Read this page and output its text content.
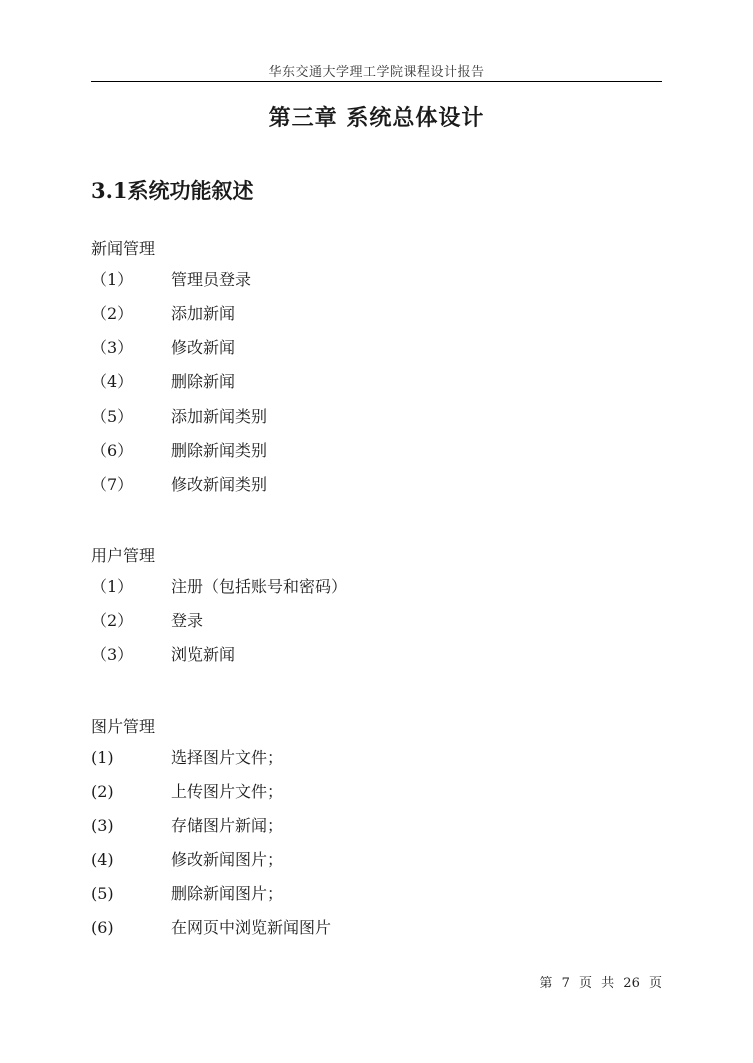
华东交通大学理工学院课程设计报告
第三章 系统总体设计
3.1系统功能叙述
新闻管理
（1） 管理员登录
（2） 添加新闻
（3） 修改新闻
（4） 删除新闻
（5） 添加新闻类别
（6） 删除新闻类别
（7） 修改新闻类别
用户管理
（1） 注册（包括账号和密码）
（2） 登录
（3） 浏览新闻
图片管理
(1)	选择图片文件；
(2)	上传图片文件；
(3)	存储图片新闻；
(4)	修改新闻图片；
(5)	删除新闻图片；
(6)	在网页中浏览新闻图片
第 7 页 共 26 页
